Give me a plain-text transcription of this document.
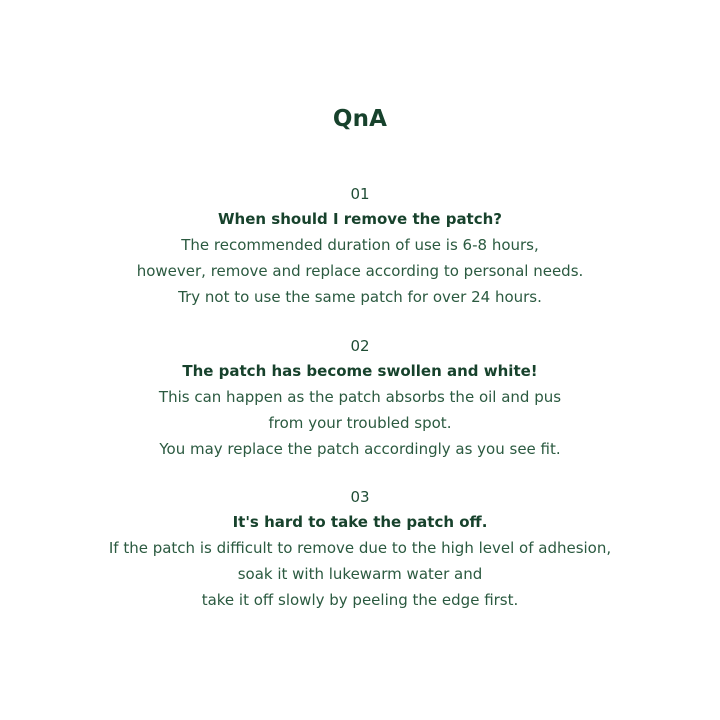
QnA

01

When should I remove the patch?

The recommended duration of use is 6-8 hours,

however, remove and replace according to personal needs.

Try not to use the same patch for over 24 hours.

02

The patch has become swollen and white!

This can happen as the patch absorbs the oil and pus

from your troubled spot.

You may replace the patch accordingly as you see fit.

03

It's hard to take the patch off.

If the patch is difficult to remove due to the high level of adhesion,

soak it with lukewarm water and

take it off slowly by peeling the edge first.
